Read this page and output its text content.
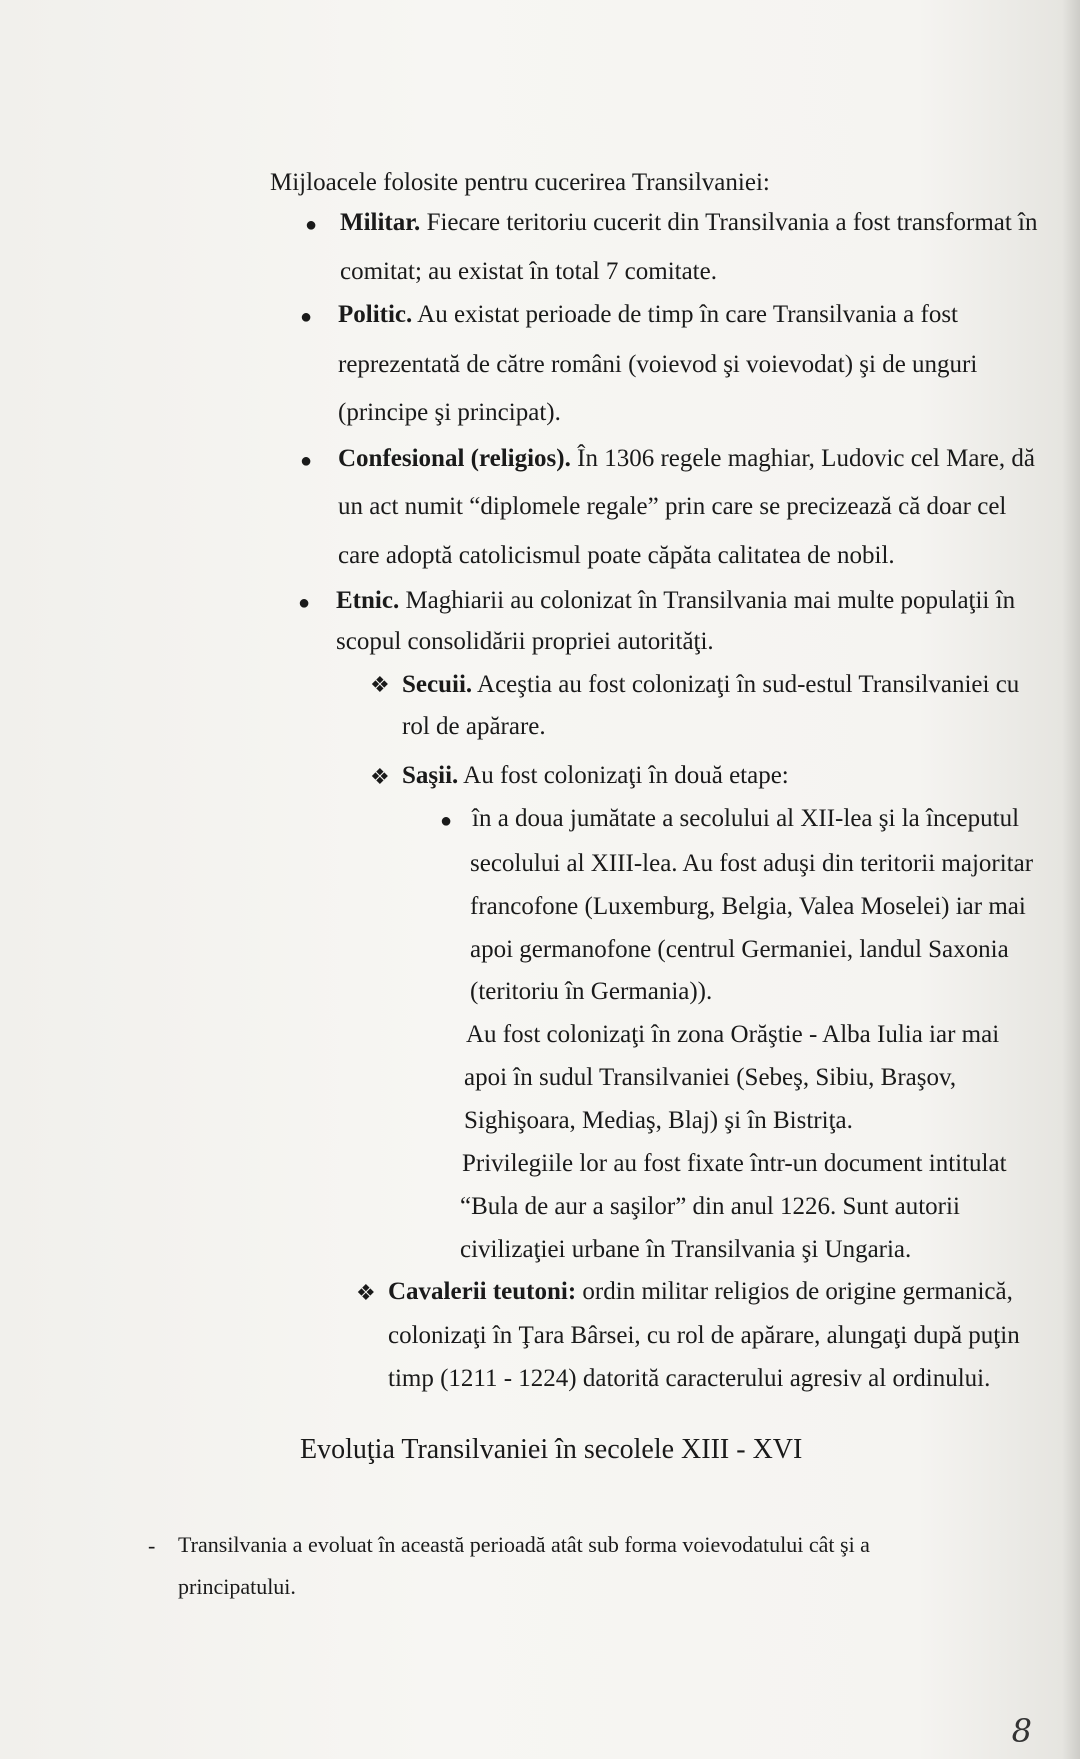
Mijloacele folosite pentru cucerirea Transilvaniei:
● Militar. Fiecare teritoriu cucerit din Transilvania a fost transformat în
comitat; au existat în total 7 comitate.
● Politic. Au existat perioade de timp în care Transilvania a fost
reprezentată de către români (voievod şi voievodat) şi de unguri
(principe şi principat).
● Confesional (religios). În 1306 regele maghiar, Ludovic cel Mare, dă
un act numit “diplomele regale” prin care se precizează că doar cel
care adoptă catolicismul poate căpăta calitatea de nobil.
● Etnic. Maghiarii au colonizat în Transilvania mai multe populaţii în
scopul consolidării propriei autorităţi.
❖ Secuii. Aceştia au fost colonizaţi în sud-estul Transilvaniei cu
rol de apărare.
❖ Saşii. Au fost colonizaţi în două etape:
● în a doua jumătate a secolului al XII-lea şi la începutul
secolului al XIII-lea. Au fost aduşi din teritorii majoritar
francofone (Luxemburg, Belgia, Valea Moselei) iar mai
apoi germanofone (centrul Germaniei, landul Saxonia
(teritoriu în Germania)).
Au fost colonizaţi în zona Orăştie - Alba Iulia iar mai
apoi în sudul Transilvaniei (Sebeş, Sibiu, Braşov,
Sighişoara, Mediaş, Blaj) şi în Bistriţa.
Privilegiile lor au fost fixate într-un document intitulat
“Bula de aur a saşilor” din anul 1226. Sunt autorii
civilizaţiei urbane în Transilvania şi Ungaria.
❖ Cavalerii teutoni: ordin militar religios de origine germanică,
colonizaţi în Ţara Bârsei, cu rol de apărare, alungaţi după puţin
timp (1211 - 1224) datorită caracterului agresiv al ordinului.
Evoluţia Transilvaniei în secolele XIII - XVI
- Transilvania a evoluat în această perioadă atât sub forma voievodatului cât şi a
principatului.
8
